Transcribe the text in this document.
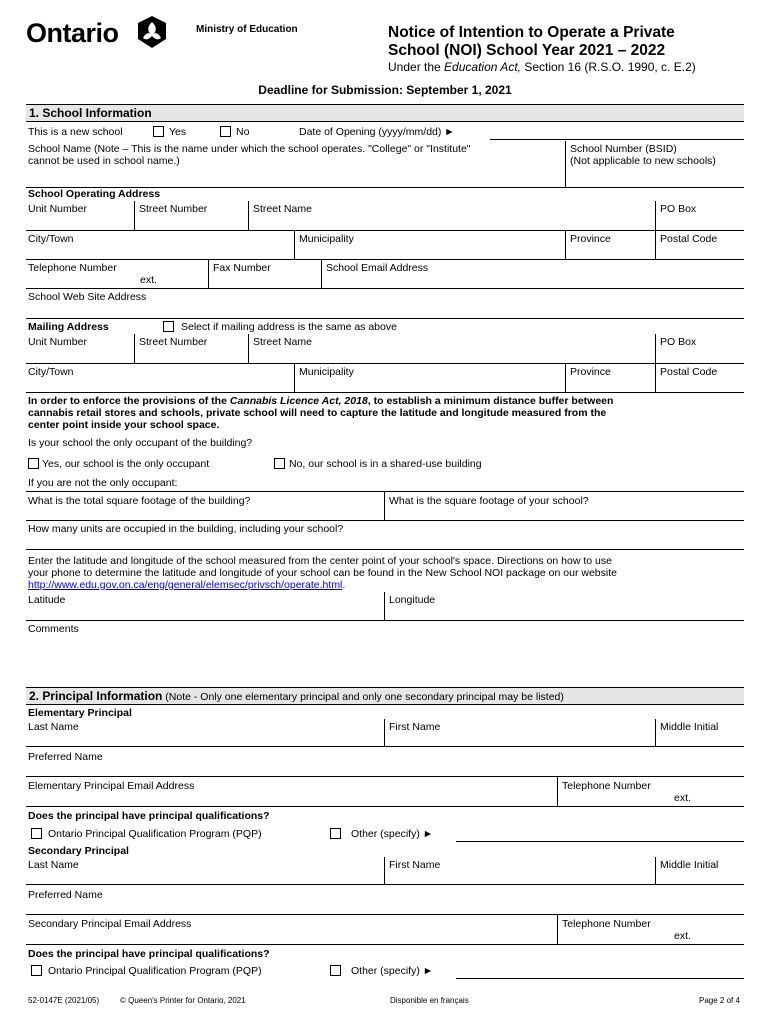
Ontario	Ministry of Education	Notice of Intention to Operate a Private
School (NOI) School Year 2021 – 2022
Under the Education Act, Section 16 (R.S.O. 1990, c. E.2)
Deadline for Submission: September 1, 2021
1. School Information
This is a new school	Yes	No	Date of Opening (yyyy/mm/dd) ►
School Name (Note – This is the name under which the school operates. "College" or "Institute"
cannot be used in school name.)
School Number (BSID)
(Not applicable to new schools)
School Operating Address
Unit Number	Street Number	Street Name	PO Box
City/Town	Municipality	Province	Postal Code
Telephone Number
ext.
Fax Number	School Email Address
School Web Site Address
Mailing Address	Select if mailing address is the same as above
Unit Number	Street Number	Street Name	PO Box
City/Town	Municipality	Province	Postal Code
In order to enforce the provisions of the Cannabis Licence Act, 2018, to establish a minimum distance buffer between
cannabis retail stores and schools, private school will need to capture the latitude and longitude measured from the
center point inside your school space.
Is your school the only occupant of the building?
Yes, our school is the only occupant	No, our school is in a shared-use building
If you are not the only occupant:
What is the total square footage of the building?	What is the square footage of your school?
How many units are occupied in the building, including your school?
Enter the latitude and longitude of the school measured from the center point of your school's space. Directions on how to use
your phone to determine the latitude and longitude of your school can be found in the New School NOI package on our website
http://www.edu.gov.on.ca/eng/general/elemsec/privsch/operate.html.
Latitude	Longitude
Comments
2. Principal Information (Note - Only one elementary principal and only one secondary principal may be listed)
Elementary Principal
Last Name	First Name	Middle Initial
Preferred Name
Elementary Principal Email Address	Telephone Number
ext.
Does the principal have principal qualifications?
Ontario Principal Qualification Program (PQP)	Other (specify) ►
Secondary Principal
Last Name	First Name	Middle Initial
Preferred Name
Secondary Principal Email Address	Telephone Number
ext.
Does the principal have principal qualifications?
Ontario Principal Qualification Program (PQP)	Other (specify) ►
52-0147E (2021/05)	© Queen's Printer for Ontario, 2021	Disponible en français	Page 2 of 4
